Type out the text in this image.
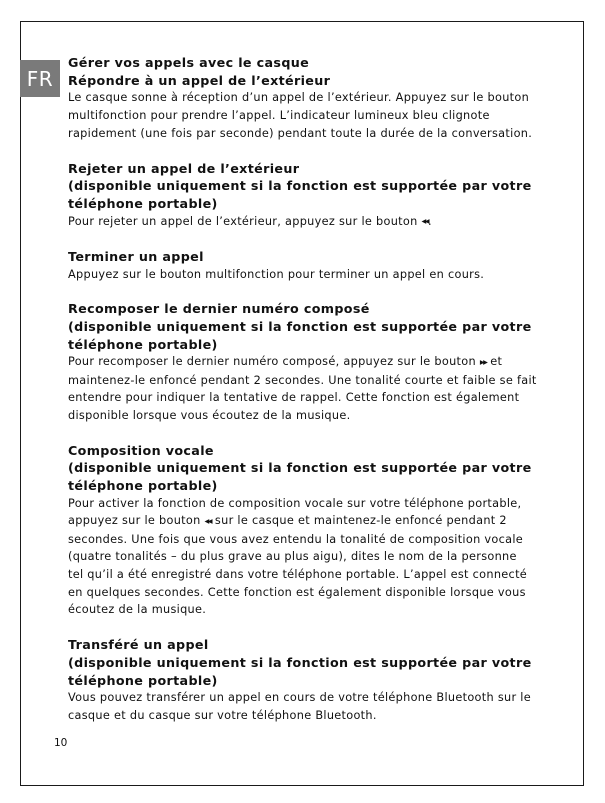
FR

Gérer vos appels avec le casque

Répondre à un appel de l’extérieur

Le casque sonne à réception d’un appel de l’extérieur. Appuyez sur le bouton

multifonction pour prendre l’appel. L’indicateur lumineux bleu clignote

rapidement (une fois par seconde) pendant toute la durée de la conversation.

Rejeter un appel de l’extérieur

(disponible uniquement si la fonction est supportée par votre

téléphone portable)

Pour rejeter un appel de l’extérieur, appuyez sur le bouton ◂◂.

Terminer un appel

Appuyez sur le bouton multifonction pour terminer un appel en cours.

Recomposer le dernier numéro composé

(disponible uniquement si la fonction est supportée par votre

téléphone portable)

Pour recomposer le dernier numéro composé, appuyez sur le bouton ▸▸ et

maintenez-le enfoncé pendant 2 secondes. Une tonalité courte et faible se fait

entendre pour indiquer la tentative de rappel. Cette fonction est également

disponible lorsque vous écoutez de la musique.

Composition vocale

(disponible uniquement si la fonction est supportée par votre

téléphone portable)

Pour activer la fonction de composition vocale sur votre téléphone portable,

appuyez sur le bouton ◂◂ sur le casque et maintenez-le enfoncé pendant 2

secondes. Une fois que vous avez entendu la tonalité de composition vocale

(quatre tonalités – du plus grave au plus aigu), dites le nom de la personne

tel qu’il a été enregistré dans votre téléphone portable. L’appel est connecté

en quelques secondes. Cette fonction est également disponible lorsque vous

écoutez de la musique.

Transféré un appel

(disponible uniquement si la fonction est supportée par votre

téléphone portable)

Vous pouvez transférer un appel en cours de votre téléphone Bluetooth sur le

casque et du casque sur votre téléphone Bluetooth.

10
